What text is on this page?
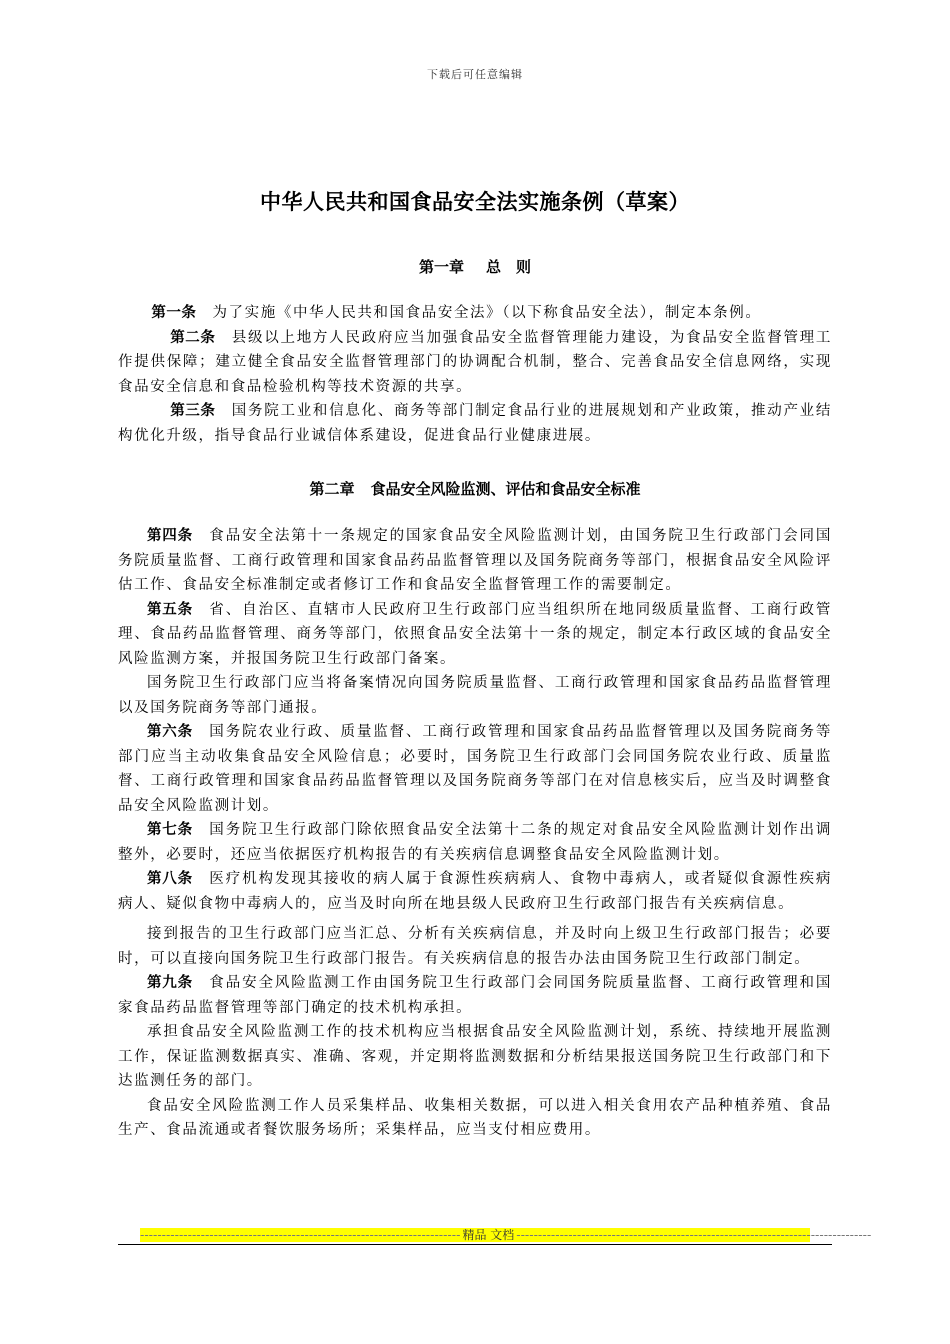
下载后可任意编辑
中华人民共和国食品安全法实施条例（草案）
第一章 总　则

第一条　 为了实施《中华人民共和国食品安全法》（以下称食品安全法），制定本条例。

第二条　 县级以上地方人民政府应当加强食品安全监督管理能力建设，为食品安全监督管理工作提供保障；建立健全食品安全监督管理部门的协调配合机制，整合、完善食品安全信息网络，实现食品安全信息和食品检验机构等技术资源的共享。

第三条　 国务院工业和信息化、商务等部门制定食品行业的进展规划和产业政策，推动产业结构优化升级，指导食品行业诚信体系建设，促进食品行业健康进展。

第二章 食品安全风险监测、评估和食品安全标准

第四条　 食品安全法第十一条规定的国家食品安全风险监测计划，由国务院卫生行政部门会同国务院质量监督、工商行政管理和国家食品药品监督管理以及国务院商务等部门，根据食品安全风险评估工作、食品安全标准制定或者修订工作和食品安全监督管理工作的需要制定。

第五条　 省、自治区、直辖市人民政府卫生行政部门应当组织所在地同级质量监督、工商行政管理、食品药品监督管理、商务等部门，依照食品安全法第十一条的规定，制定本行政区域的食品安全风险监测方案，并报国务院卫生行政部门备案。

国务院卫生行政部门应当将备案情况向国务院质量监督、工商行政管理和国家食品药品监督管理以及国务院商务等部门通报。

第六条　 国务院农业行政、质量监督、工商行政管理和国家食品药品监督管理以及国务院商务等部门应当主动收集食品安全风险信息；必要时，国务院卫生行政部门会同国务院农业行政、质量监督、工商行政管理和国家食品药品监督管理以及国务院商务等部门在对信息核实后，应当及时调整食品安全风险监测计划。

第七条　 国务院卫生行政部门除依照食品安全法第十二条的规定对食品安全风险监测计划作出调整外，必要时，还应当依据医疗机构报告的有关疾病信息调整食品安全风险监测计划。

第八条　 医疗机构发现其接收的病人属于食源性疾病病人、食物中毒病人，或者疑似食源性疾病病人、疑似食物中毒病人的，应当及时向所在地县级人民政府卫生行政部门报告有关疾病信息。

接到报告的卫生行政部门应当汇总、分析有关疾病信息，并及时向上级卫生行政部门报告；必要时，可以直接向国务院卫生行政部门报告。有关疾病信息的报告办法由国务院卫生行政部门制定。

第九条　 食品安全风险监测工作由国务院卫生行政部门会同国务院质量监督、工商行政管理和国家食品药品监督管理等部门确定的技术机构承担。

承担食品安全风险监测工作的技术机构应当根据食品安全风险监测计划，系统、持续地开展监测工作，保证监测数据真实、准确、客观，并定期将监测数据和分析结果报送国务院卫生行政部门和下达监测任务的部门。

食品安全风险监测工作人员采集样品、收集相关数据，可以进入相关食用农产品种植养殖、食品生产、食品流通或者餐饮服务场所；采集样品，应当支付相应费用。

-------------------------------------------------------------------------- 精品 文档 ----------------------------------------------------------------------------------
